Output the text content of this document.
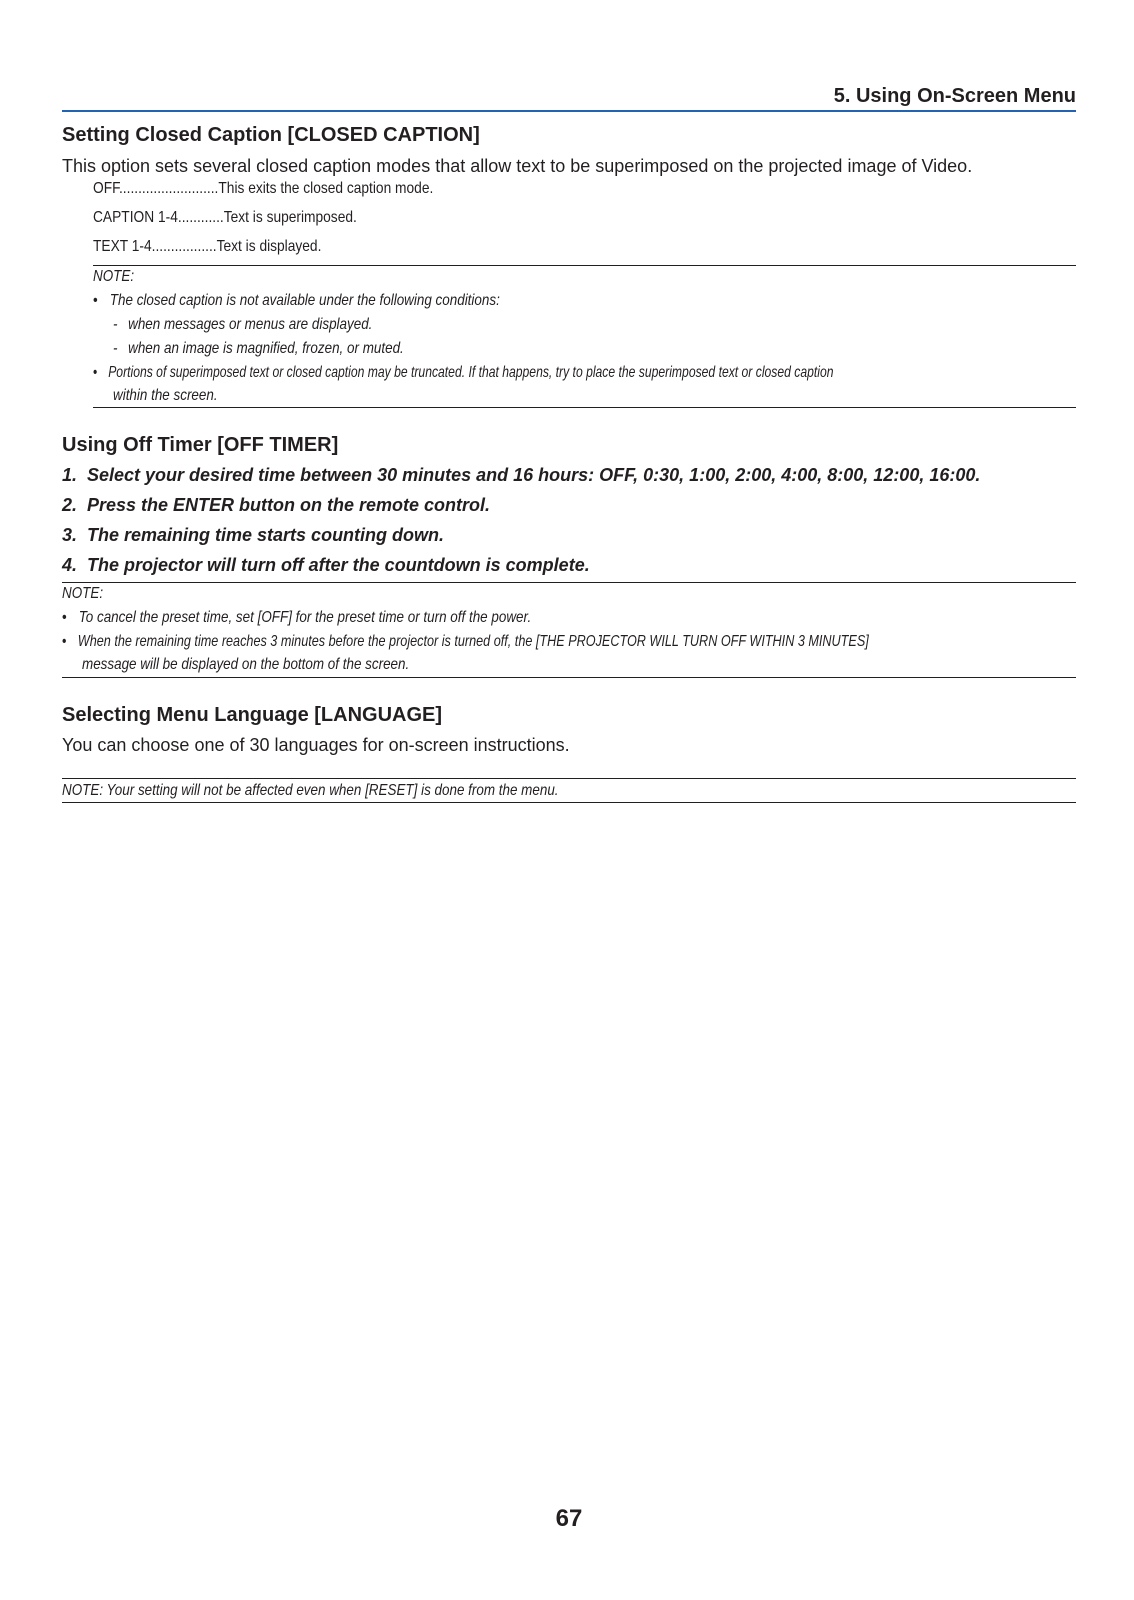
5. Using On-Screen Menu
Setting Closed Caption [CLOSED CAPTION]
This option sets several closed caption modes that allow text to be superimposed on the projected image of Video.
OFF..........................This exits the closed caption mode.
CAPTION 1-4............Text is superimposed.
TEXT 1-4.................Text is displayed.
NOTE:
• The closed caption is not available under the following conditions:
- when messages or menus are displayed.
- when an image is magnified, frozen, or muted.
• Portions of superimposed text or closed caption may be truncated. If that happens, try to place the superimposed text or closed caption
within the screen.
Using Off Timer [OFF TIMER]
1. Select your desired time between 30 minutes and 16 hours: OFF, 0:30, 1:00, 2:00, 4:00, 8:00, 12:00, 16:00.
2. Press the ENTER button on the remote control.
3. The remaining time starts counting down.
4. The projector will turn off after the countdown is complete.
NOTE:
• To cancel the preset time, set [OFF] for the preset time or turn off the power.
• When the remaining time reaches 3 minutes before the projector is turned off, the [THE PROJECTOR WILL TURN OFF WITHIN 3 MINUTES]
message will be displayed on the bottom of the screen.
Selecting Menu Language [LANGUAGE]
You can choose one of 30 languages for on-screen instructions.
NOTE: Your setting will not be affected even when [RESET] is done from the menu.
67
